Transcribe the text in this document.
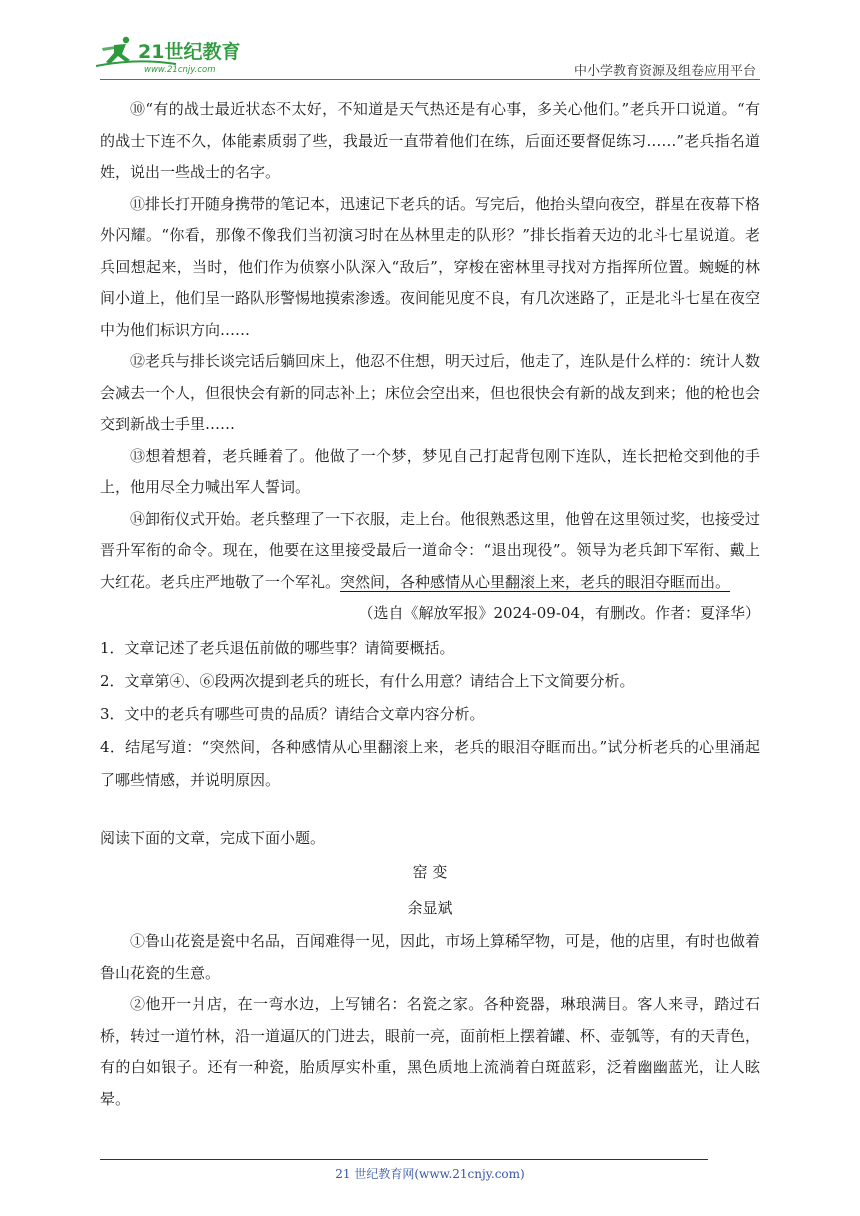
21世纪教育
www.21cnjy.com	中小学教育资源及组卷应用平台

⑩“有的战士最近状态不太好，不知道是天气热还是有心事，多关心他们。”老兵开口说道。“有的战士下连不久，体能素质弱了些，我最近一直带着他们在练，后面还要督促练习……”老兵指名道姓，说出一些战士的名字。

⑪排长打开随身携带的笔记本，迅速记下老兵的话。写完后，他抬头望向夜空，群星在夜幕下格外闪耀。“你看，那像不像我们当初演习时在丛林里走的队形？”排长指着天边的北斗七星说道。老兵回想起来，当时，他们作为侦察小队深入“敌后”，穿梭在密林里寻找对方指挥所位置。蜿蜒的林间小道上，他们呈一路队形警惕地摸索渗透。夜间能见度不良，有几次迷路了，正是北斗七星在夜空中为他们标识方向……

⑫老兵与排长谈完话后躺回床上，他忍不住想，明天过后，他走了，连队是什么样的：统计人数会减去一个人，但很快会有新的同志补上；床位会空出来，但也很快会有新的战友到来；他的枪也会交到新战士手里……

⑬想着想着，老兵睡着了。他做了一个梦，梦见自己打起背包刚下连队，连长把枪交到他的手上，他用尽全力喊出军人誓词。

⑭卸衔仪式开始。老兵整理了一下衣服，走上台。他很熟悉这里，他曾在这里领过奖，也接受过晋升军衔的命令。现在，他要在这里接受最后一道命令：“退出现役”。领导为老兵卸下军衔、戴上大红花。老兵庄严地敬了一个军礼。突然间，各种感情从心里翻滚上来，老兵的眼泪夺眶而出。

（选自《解放军报》2024-09-04，有删改。作者：夏泽华）

1．文章记述了老兵退伍前做的哪些事？请简要概括。

2．文章第④、⑥段两次提到老兵的班长，有什么用意？请结合上下文简要分析。

3．文中的老兵有哪些可贵的品质？请结合文章内容分析。

4．结尾写道：“突然间，各种感情从心里翻滚上来，老兵的眼泪夺眶而出。”试分析老兵的心里涌起了哪些情感，并说明原因。

阅读下面的文章，完成下面小题。

窑 变

余显斌

①鲁山花瓷是瓷中名品，百闻难得一见，因此，市场上算稀罕物，可是，他的店里，有时也做着鲁山花瓷的生意。

②他开一爿店，在一弯水边，上写铺名：名瓷之家。各种瓷器，琳琅满目。客人来寻，踏过石桥，转过一道竹林，沿一道逼仄的门进去，眼前一亮，面前柜上摆着罐、杯、壶瓠等，有的天青色，有的白如银子。还有一种瓷，胎质厚实朴重，黑色质地上流淌着白斑蓝彩，泛着幽幽蓝光，让人眩晕。

21 世纪教育网(www.21cnjy.com)
